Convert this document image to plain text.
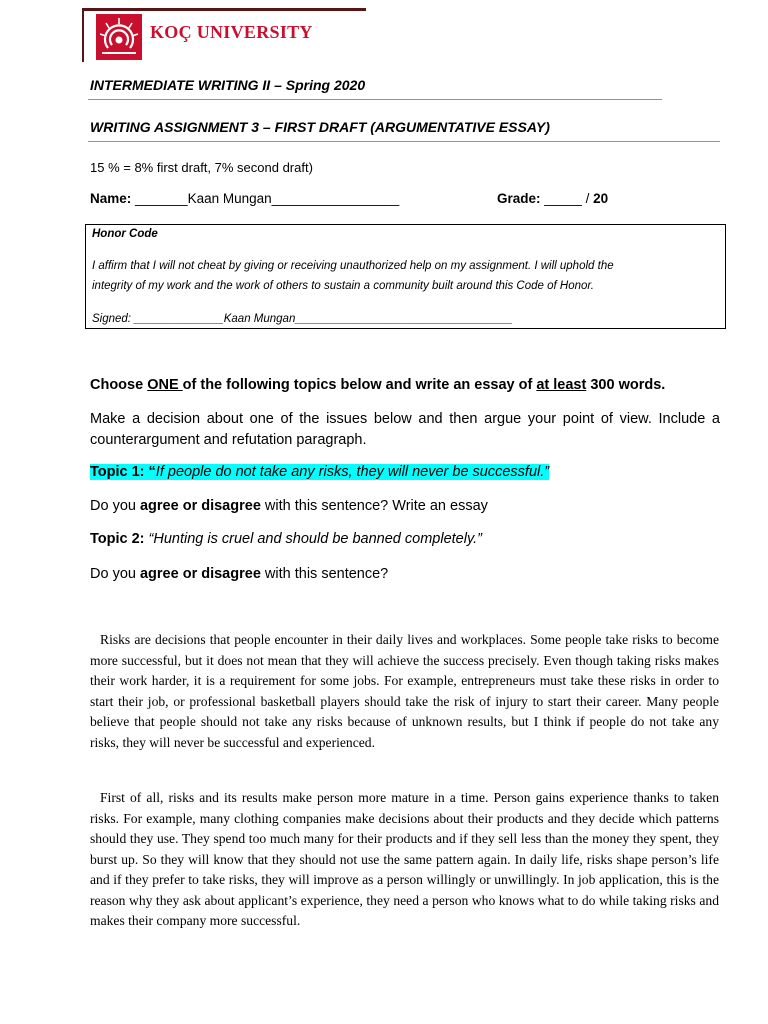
KOÇ UNIVERSITY
INTERMEDIATE WRITING II – Spring 2020
WRITING ASSIGNMENT 3 – FIRST DRAFT (ARGUMENTATIVE ESSAY)
15 % = 8% first draft, 7% second draft)
Name: _______Kaan Mungan_________________	Grade: _____ / 20
Honor Code
I affirm that I will not cheat by giving or receiving unauthorized help on my assignment. I will uphold the
integrity of my work and the work of others to sustain a community built around this Code of Honor.
Signed: ______________Kaan Mungan__________________________________
Choose ONE of the following topics below and write an essay of at least 300 words.
Make a decision about one of the issues below and then argue your point of view. Include a counterargument and refutation paragraph.
Topic 1: “If people do not take any risks, they will never be successful.”
Do you agree or disagree with this sentence? Write an essay
Topic 2: “Hunting is cruel and should be banned completely.”
Do you agree or disagree with this sentence?

Risks are decisions that people encounter in their daily lives and workplaces. Some people take risks to become more successful, but it does not mean that they will achieve the success precisely. Even though taking risks makes their work harder, it is a requirement for some jobs. For example, entrepreneurs must take these risks in order to start their job, or professional basketball players should take the risk of injury to start their career. Many people believe that people should not take any risks because of unknown results, but I think if people do not take any risks, they will never be successful and experienced.

First of all, risks and its results make person more mature in a time. Person gains experience thanks to taken risks. For example, many clothing companies make decisions about their products and they decide which patterns should they use. They spend too much many for their products and if they sell less than the money they spent, they burst up. So they will know that they should not use the same pattern again. In daily life, risks shape person’s life and if they prefer to take risks, they will improve as a person willingly or unwillingly. In job application, this is the reason why they ask about applicant’s experience, they need a person who knows what to do while taking risks and makes their company more successful.
